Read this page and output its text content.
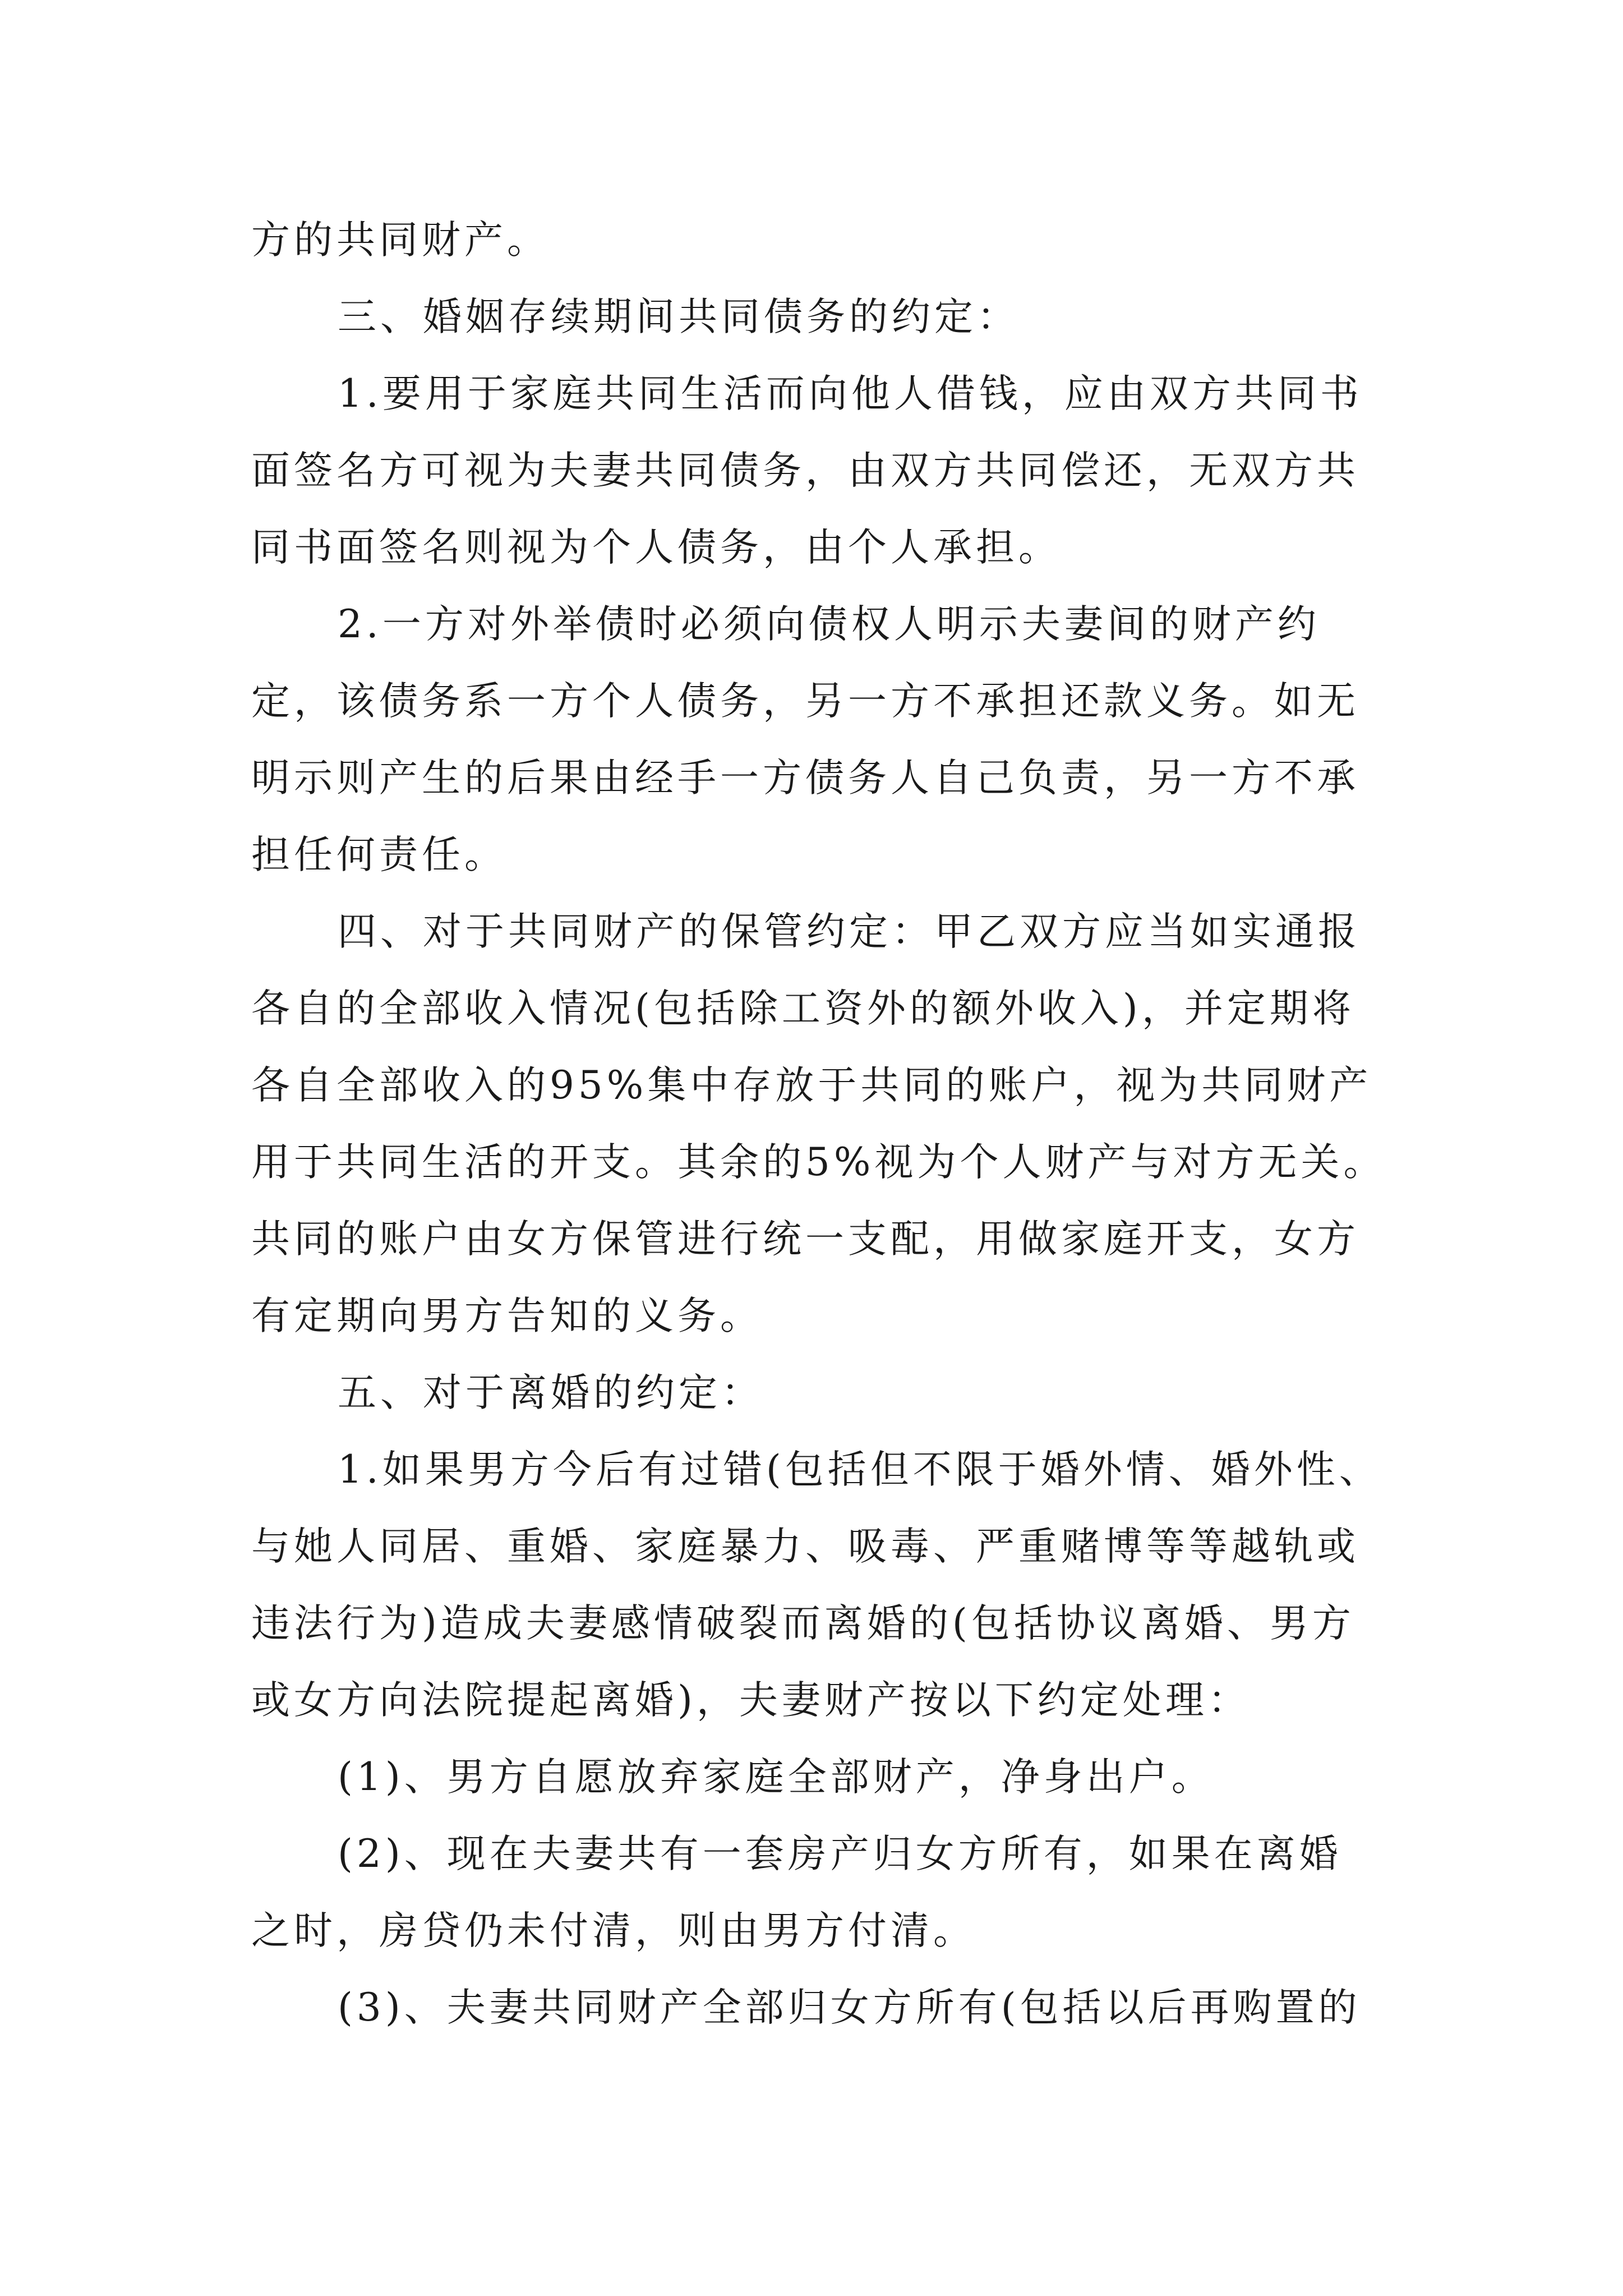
方的共同财产。
三、婚姻存续期间共同债务的约定：
1.要用于家庭共同生活而向他人借钱，应由双方共同书
面签名方可视为夫妻共同债务，由双方共同偿还，无双方共
同书面签名则视为个人债务，由个人承担。
2.一方对外举债时必须向债权人明示夫妻间的财产约
定，该债务系一方个人债务，另一方不承担还款义务。如无
明示则产生的后果由经手一方债务人自己负责，另一方不承
担任何责任。
四、对于共同财产的保管约定：甲乙双方应当如实通报
各自的全部收入情况(包括除工资外的额外收入)，并定期将
各自全部收入的95%集中存放于共同的账户，视为共同财产
用于共同生活的开支。其余的5%视为个人财产与对方无关。
共同的账户由女方保管进行统一支配，用做家庭开支，女方
有定期向男方告知的义务。
五、对于离婚的约定：
1.如果男方今后有过错(包括但不限于婚外情、婚外性、
与她人同居、重婚、家庭暴力、吸毒、严重赌博等等越轨或
违法行为)造成夫妻感情破裂而离婚的(包括协议离婚、男方
或女方向法院提起离婚)，夫妻财产按以下约定处理：
(1)、男方自愿放弃家庭全部财产，净身出户。
(2)、现在夫妻共有一套房产归女方所有，如果在离婚
之时，房贷仍未付清，则由男方付清。
(3)、夫妻共同财产全部归女方所有(包括以后再购置的
